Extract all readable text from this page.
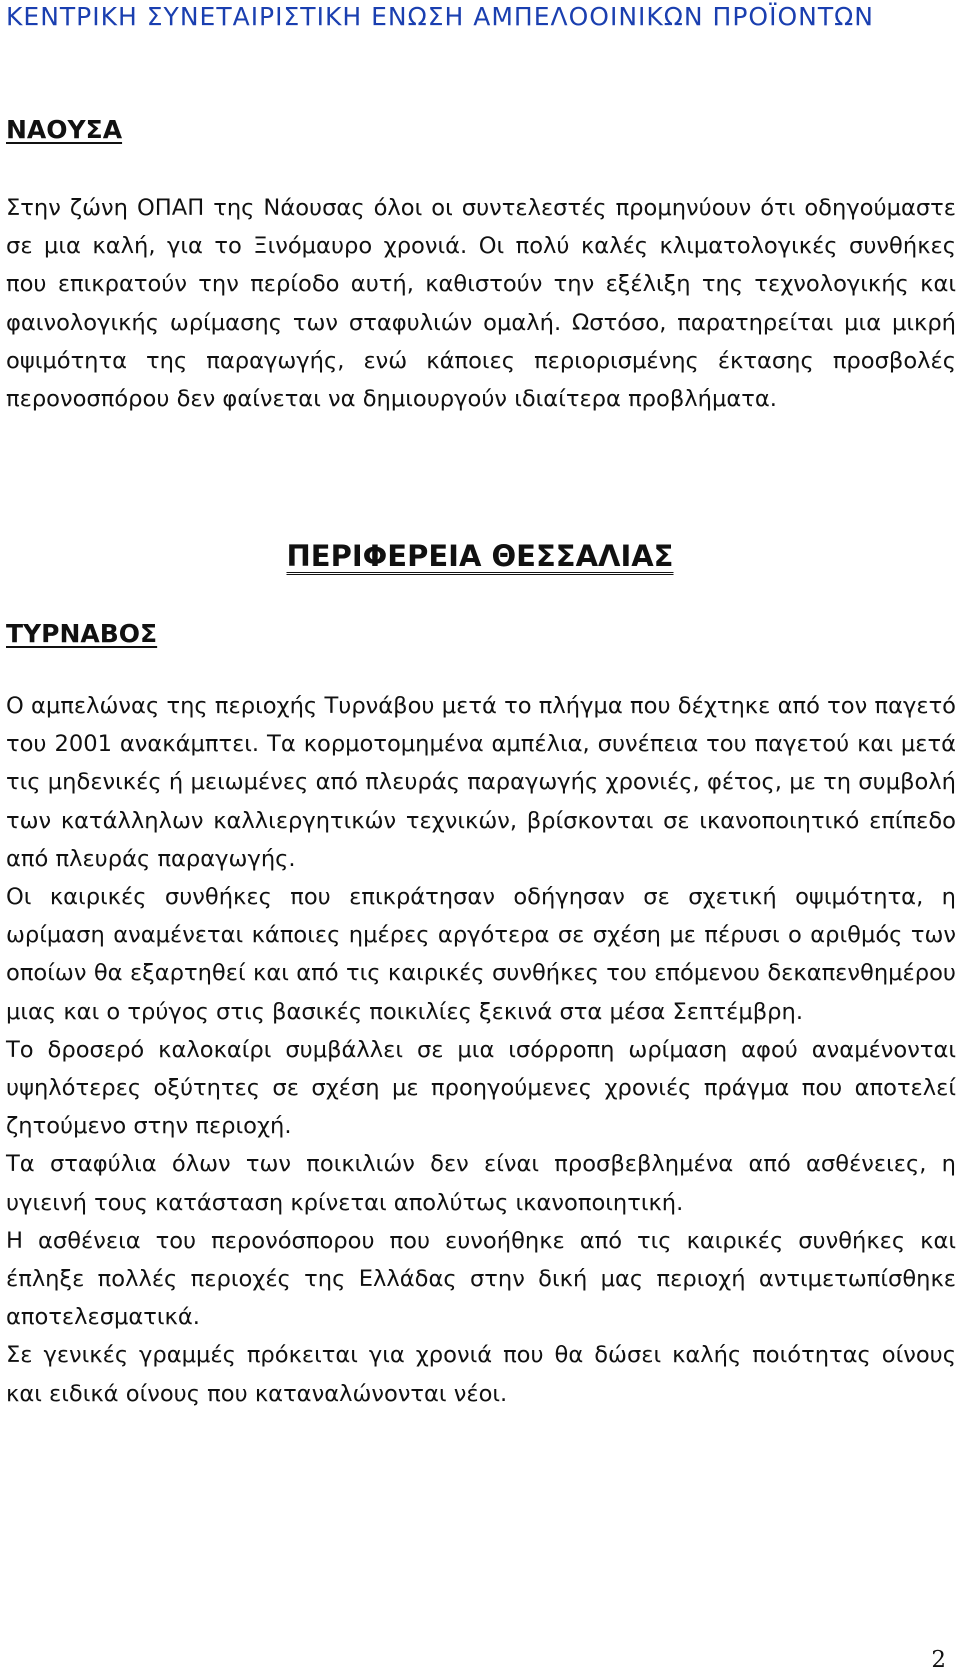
ΚΕΝΤΡΙΚΗ ΣΥΝΕΤΑΙΡΙΣΤΙΚΗ ΕΝΩΣΗ ΑΜΠΕΛΟΟΙΝΙΚΩΝ ΠΡΟΪΟΝΤΩΝ
ΝΑΟΥΣΑ

Στην ζώνη ΟΠΑΠ της Νάουσας όλοι οι συντελεστές προμηνύουν ότι οδηγούμαστε σε μια καλή, για το Ξινόμαυρο χρονιά. Οι πολύ καλές κλιματολογικές συνθήκες που επικρατούν την περίοδο αυτή, καθιστούν την εξέλιξη της τεχνολογικής και φαινολογικής ωρίμασης των σταφυλιών ομαλή. Ωστόσο, παρατηρείται μια μικρή οψιμότητα της παραγωγής, ενώ κάποιες περιορισμένης έκτασης προσβολές περονοσπόρου δεν φαίνεται να δημιουργούν ιδιαίτερα προβλήματα.

ΠΕΡΙΦΕΡΕΙΑ ΘΕΣΣΑΛΙΑΣ
ΤΥΡΝΑΒΟΣ

Ο αμπελώνας της περιοχής Τυρνάβου μετά το πλήγμα που δέχτηκε από τον παγετό του 2001 ανακάμπτει. Τα κορμοτομημένα αμπέλια, συνέπεια του παγετού και μετά τις μηδενικές ή μειωμένες από πλευράς παραγωγής χρονιές, φέτος, με τη συμβολή των κατάλληλων καλλιεργητικών τεχνικών, βρίσκονται σε ικανοποιητικό επίπεδο από πλευράς παραγωγής.

Οι καιρικές συνθήκες που επικράτησαν οδήγησαν σε σχετική οψιμότητα, η ωρίμαση αναμένεται κάποιες ημέρες αργότερα σε σχέση με πέρυσι ο αριθμός των οποίων θα εξαρτηθεί και από τις καιρικές συνθήκες του επόμενου δεκαπενθημέρου μιας και ο τρύγος στις βασικές ποικιλίες ξεκινά στα μέσα Σεπτέμβρη.

Το δροσερό καλοκαίρι συμβάλλει σε μια ισόρροπη ωρίμαση αφού αναμένονται υψηλότερες οξύτητες σε σχέση με προηγούμενες χρονιές πράγμα που αποτελεί ζητούμενο στην περιοχή.

Τα σταφύλια όλων των ποικιλιών δεν είναι προσβεβλημένα από ασθένειες, η υγιεινή τους κατάσταση κρίνεται απολύτως ικανοποιητική.

Η ασθένεια του περονόσπορου που ευνοήθηκε από τις καιρικές συνθήκες και έπληξε πολλές περιοχές της Ελλάδας στην δική μας περιοχή αντιμετωπίσθηκε αποτελεσματικά.

Σε γενικές γραμμές πρόκειται για χρονιά που θα δώσει καλής ποιότητας οίνους και ειδικά οίνους που καταναλώνονται νέοι.

2
